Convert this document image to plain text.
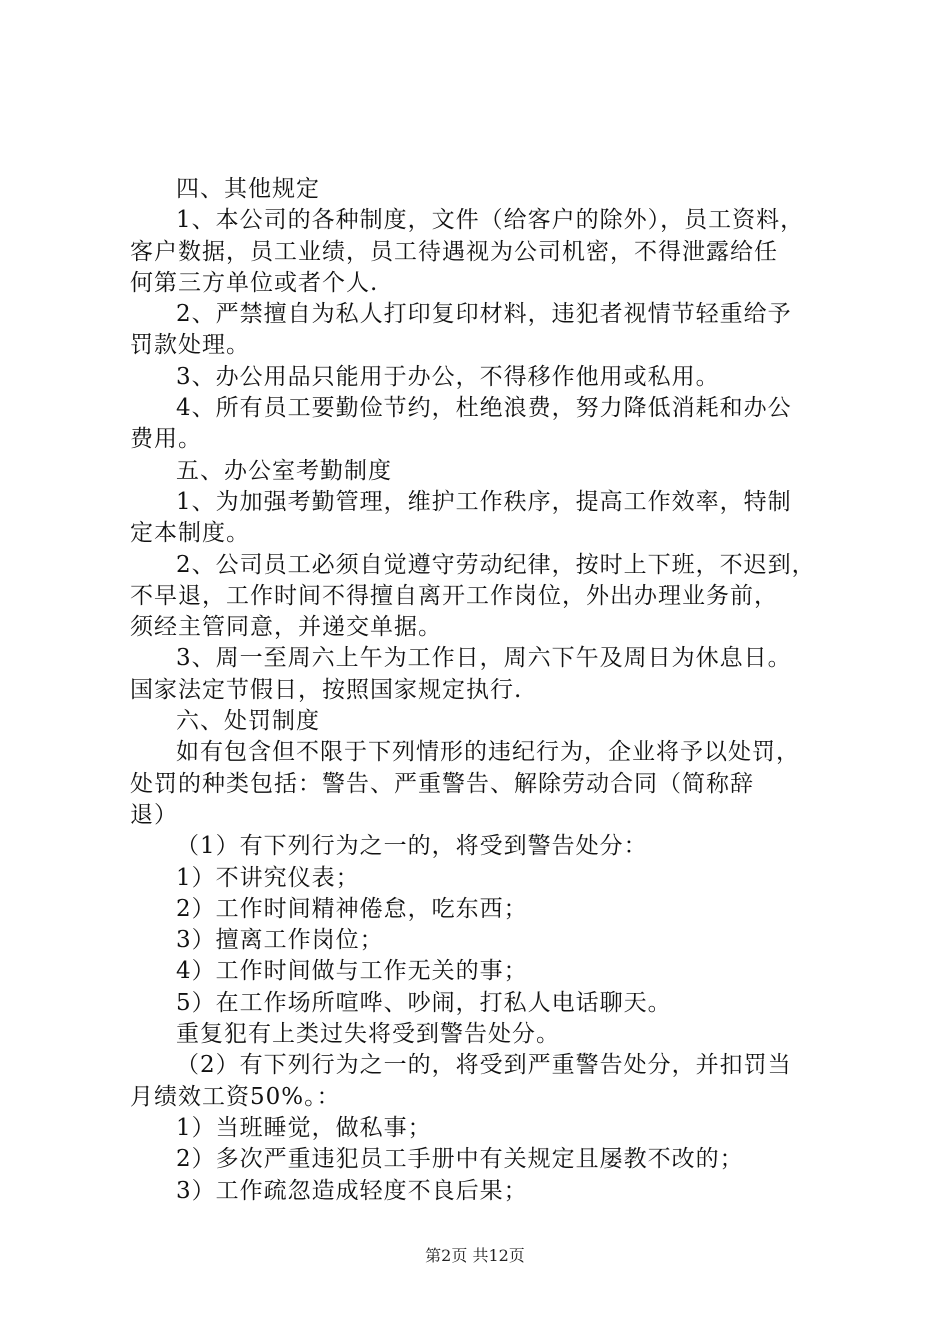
四、其他规定
1、本公司的各种制度，文件（给客户的除外），员工资料，
客户数据，员工业绩，员工待遇视为公司机密，不得泄露给任
何第三方单位或者个人.
2、严禁擅自为私人打印复印材料，违犯者视情节轻重给予
罚款处理。
3、办公用品只能用于办公，不得移作他用或私用。
4、所有员工要勤俭节约，杜绝浪费，努力降低消耗和办公
费用。
五、办公室考勤制度
1、为加强考勤管理，维护工作秩序，提高工作效率，特制
定本制度。
2、公司员工必须自觉遵守劳动纪律，按时上下班，不迟到，
不早退，工作时间不得擅自离开工作岗位，外出办理业务前，
须经主管同意，并递交单据。
3、周一至周六上午为工作日，周六下午及周日为休息日。
国家法定节假日，按照国家规定执行.
六、处罚制度
如有包含但不限于下列情形的违纪行为，企业将予以处罚，
处罚的种类包括：警告、严重警告、解除劳动合同（简称辞
退）
（1）有下列行为之一的，将受到警告处分：
1）不讲究仪表；
2）工作时间精神倦怠，吃东西；
3）擅离工作岗位；
4）工作时间做与工作无关的事；
5）在工作场所喧哗、吵闹，打私人电话聊天。
重复犯有上类过失将受到警告处分。
（2）有下列行为之一的，将受到严重警告处分，并扣罚当
月绩效工资50%。：
1）当班睡觉，做私事；
2）多次严重违犯员工手册中有关规定且屡教不改的；
3）工作疏忽造成轻度不良后果；
第2页 共12页
